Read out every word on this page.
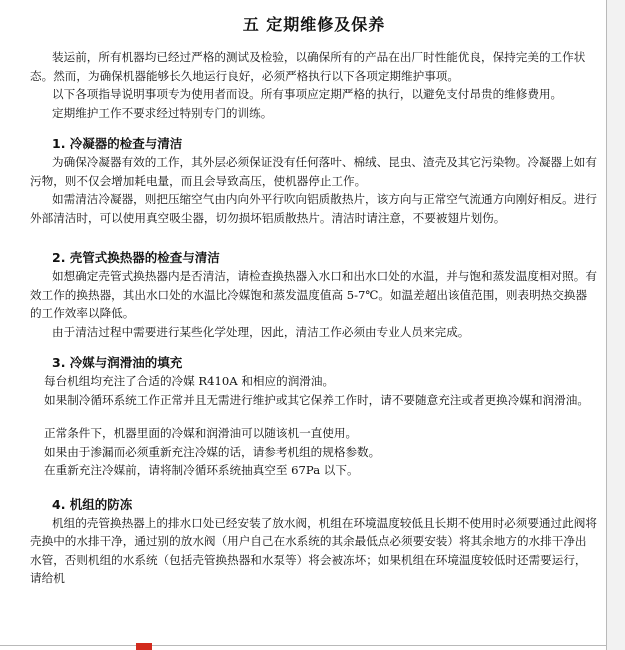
五 定期维修及保养

装运前，所有机器均已经过严格的测试及检验，以确保所有的产品在出厂时性能优良，保持完美的工作状态。然而，为确保机器能够长久地运行良好，必须严格执行以下各项定期维护事项。

以下各项指导说明事项专为使用者而设。所有事项应定期严格的执行，以避免支付昂贵的维修费用。

定期维护工作不要求经过特别专门的训练。

1. 冷凝器的检查与清洁

为确保冷凝器有效的工作，其外层必须保证没有任何落叶、棉绒、昆虫、渣壳及其它污染物。冷凝器上如有污物，则不仅会增加耗电量，而且会导致高压，使机器停止工作。

如需清洁冷凝器，则把压缩空气由内向外平行吹向铝质散热片，该方向与正常空气流通方向刚好相反。进行外部清洁时，可以使用真空吸尘器，切勿损坏铝质散热片。清洁时请注意，不要被翅片划伤。

2. 壳管式换热器的检查与清洁

如想确定壳管式换热器内是否清洁，请检查换热器入水口和出水口处的水温，并与饱和蒸发温度相对照。有效工作的换热器，其出水口处的水温比冷媒饱和蒸发温度值高 5-7℃。如温差超出该值范围，则表明热交换器的工作效率以降低。

由于清洁过程中需要进行某些化学处理，因此，清洁工作必须由专业人员来完成。

3. 冷媒与润滑油的填充

每台机组均充注了合适的冷媒 R410A 和相应的润滑油。

如果制冷循环系统工作正常并且无需进行维护或其它保养工作时，请不要随意充注或者更换冷媒和润滑油。

正常条件下，机器里面的冷媒和润滑油可以随该机一直使用。

如果由于渗漏而必须重新充注冷媒的话，请参考机组的规格参数。

在重新充注冷媒前，请将制冷循环系统抽真空至 67Pa 以下。

4. 机组的防冻

机组的壳管换热器上的排水口处已经安装了放水阀，机组在环境温度较低且长期不使用时必须要通过此阀将壳换中的水排干净，通过别的放水阀（用户自己在水系统的其余最低点必须要安装）将其余地方的水排干净出水管，否则机组的水系统（包括壳管换热器和水泵等）将会被冻坏；如果机组在环境温度较低时还需要运行，请给机
